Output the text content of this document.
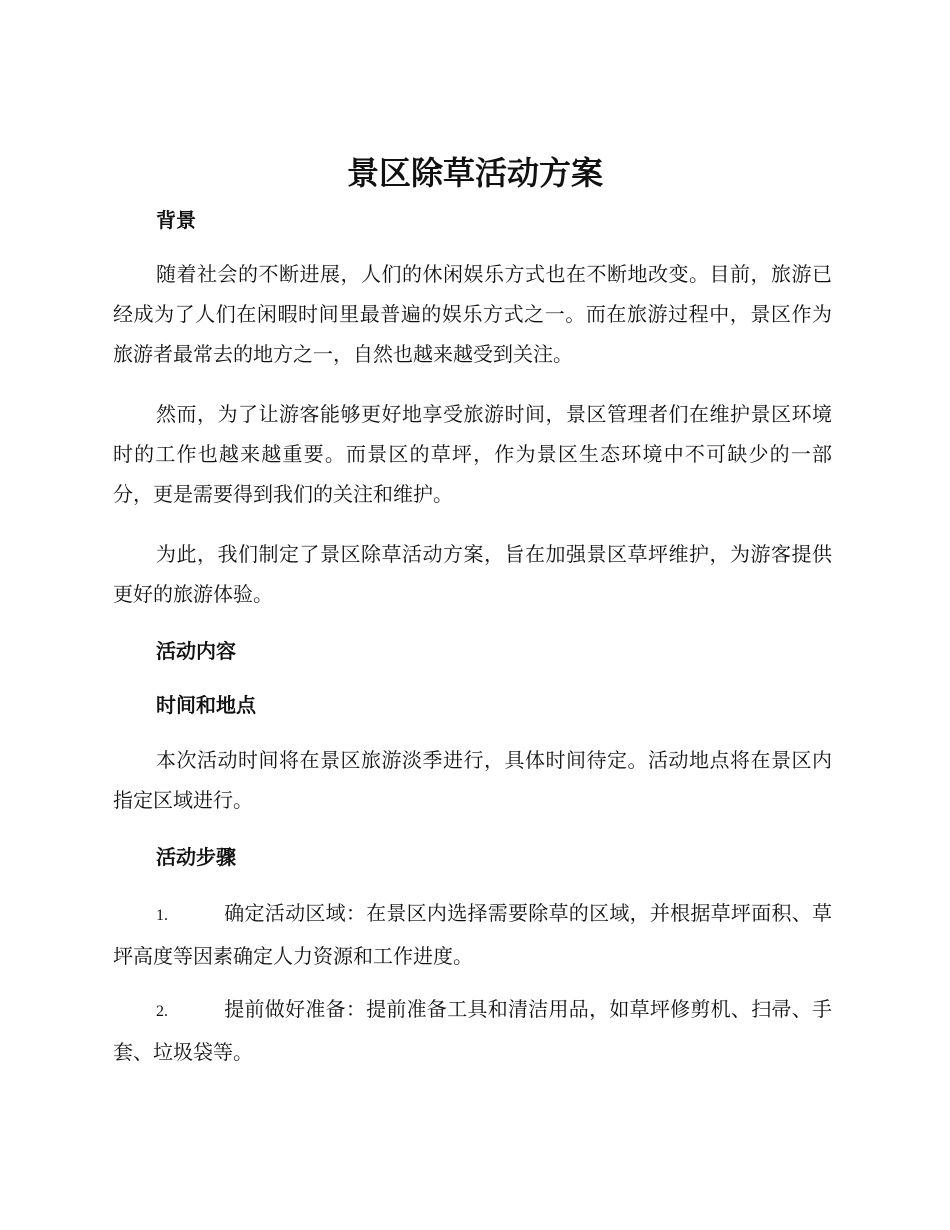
景区除草活动方案
背景

随着社会的不断进展，人们的休闲娱乐方式也在不断地改变。目前，旅游已经成为了人们在闲暇时间里最普遍的娱乐方式之一。而在旅游过程中，景区作为旅游者最常去的地方之一，自然也越来越受到关注。

然而，为了让游客能够更好地享受旅游时间，景区管理者们在维护景区环境时的工作也越来越重要。而景区的草坪，作为景区生态环境中不可缺少的一部分，更是需要得到我们的关注和维护。

为此，我们制定了景区除草活动方案，旨在加强景区草坪维护，为游客提供更好的旅游体验。

活动内容
时间和地点

本次活动时间将在景区旅游淡季进行，具体时间待定。活动地点将在景区内指定区域进行。

活动步骤

1.	确定活动区域：在景区内选择需要除草的区域，并根据草坪面积、草坪高度等因素确定人力资源和工作进度。

2.	提前做好准备：提前准备工具和清洁用品，如草坪修剪机、扫帚、手套、垃圾袋等。
